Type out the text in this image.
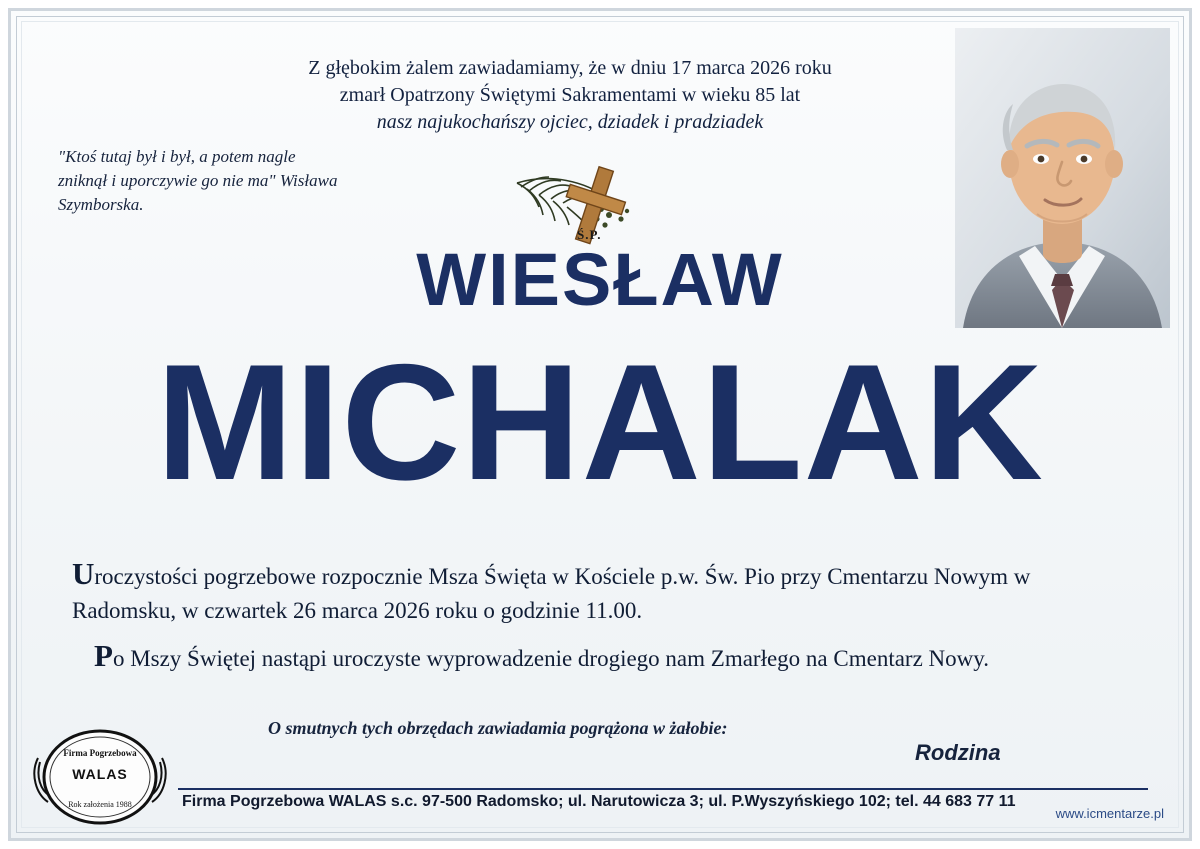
Z głębokim żalem zawiadamiamy, że w dniu 17 marca 2026 roku
zmarł Opatrzony Świętymi Sakramentami w wieku 85 lat
nasz najukochańszy ojciec, dziadek i pradziadek
"Ktoś tutaj był i był, a potem nagle zniknął i uporczywie go nie ma" Wisława Szymborska.
Ś.P.
WIESŁAW
MICHALAK

Uroczystości pogrzebowe rozpocznie Msza Święta w Kościele p.w. Św. Pio przy Cmentarzu Nowym w Radomsku, w czwartek 26 marca 2026 roku o godzinie 11.00.

Po Mszy Świętej nastąpi uroczyste wyprowadzenie drogiego nam Zmarłego na Cmentarz Nowy.

O smutnych tych obrzędach zawiadamia pogrążona w żałobie:
Rodzina
Firma Pogrzebowa
WALAS
Rok założenia 1988	Firma Pogrzebowa WALAS s.c. 97-500 Radomsko; ul. Narutowicza 3; ul. P.Wyszyńskiego 102; tel. 44 683 77 11
www.icmentarze.pl
